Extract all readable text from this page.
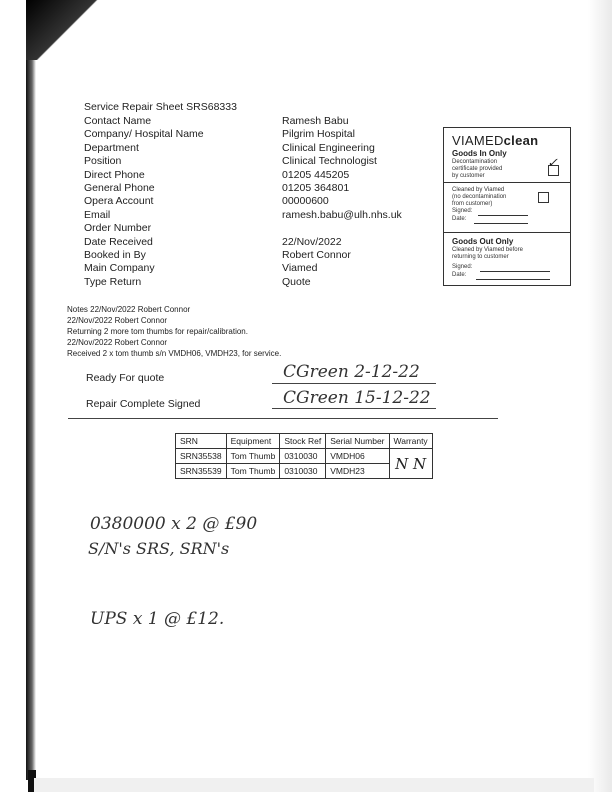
Service Repair Sheet SRS68333
Contact Name	Ramesh Babu
Company/ Hospital Name	Pilgrim Hospital
Department	Clinical Engineering
Position	Clinical Technologist
Direct Phone	01205 445205
General Phone	01205 364801
Opera Account	00000600
Email	ramesh.babu@ulh.nhs.uk
Order Number
Date Received	22/Nov/2022
Booked in By	Robert Connor
Main Company	Viamed
Type Return	Quote
VIAMEDclean
Goods In Only
Decontamination
certificate provided
by customer
✓
Cleaned by Viamed
(no decontamination
from customer)
Signed:
Date:
Goods Out Only
Cleaned by Viamed before
returning to customer
Signed:
Date:
Notes 22/Nov/2022 Robert Connor
22/Nov/2022 Robert Connor
Returning 2 more tom thumbs for repair/calibration.
22/Nov/2022 Robert Connor
Received 2 x tom thumb s/n VMDH06, VMDH23, for service.
Ready For quote	CGreen 2-12-22
Repair Complete Signed	CGreen 15-12-22
SRN	Equipment	Stock Ref	Serial Number	Warranty
SRN35538	Tom Thumb	0310030	VMDH06	N N
SRN35539	Tom Thumb	0310030	VMDH23	
0380000 x 2 @ £90
S/N's SRS, SRN's
UPS x 1 @ £12.
